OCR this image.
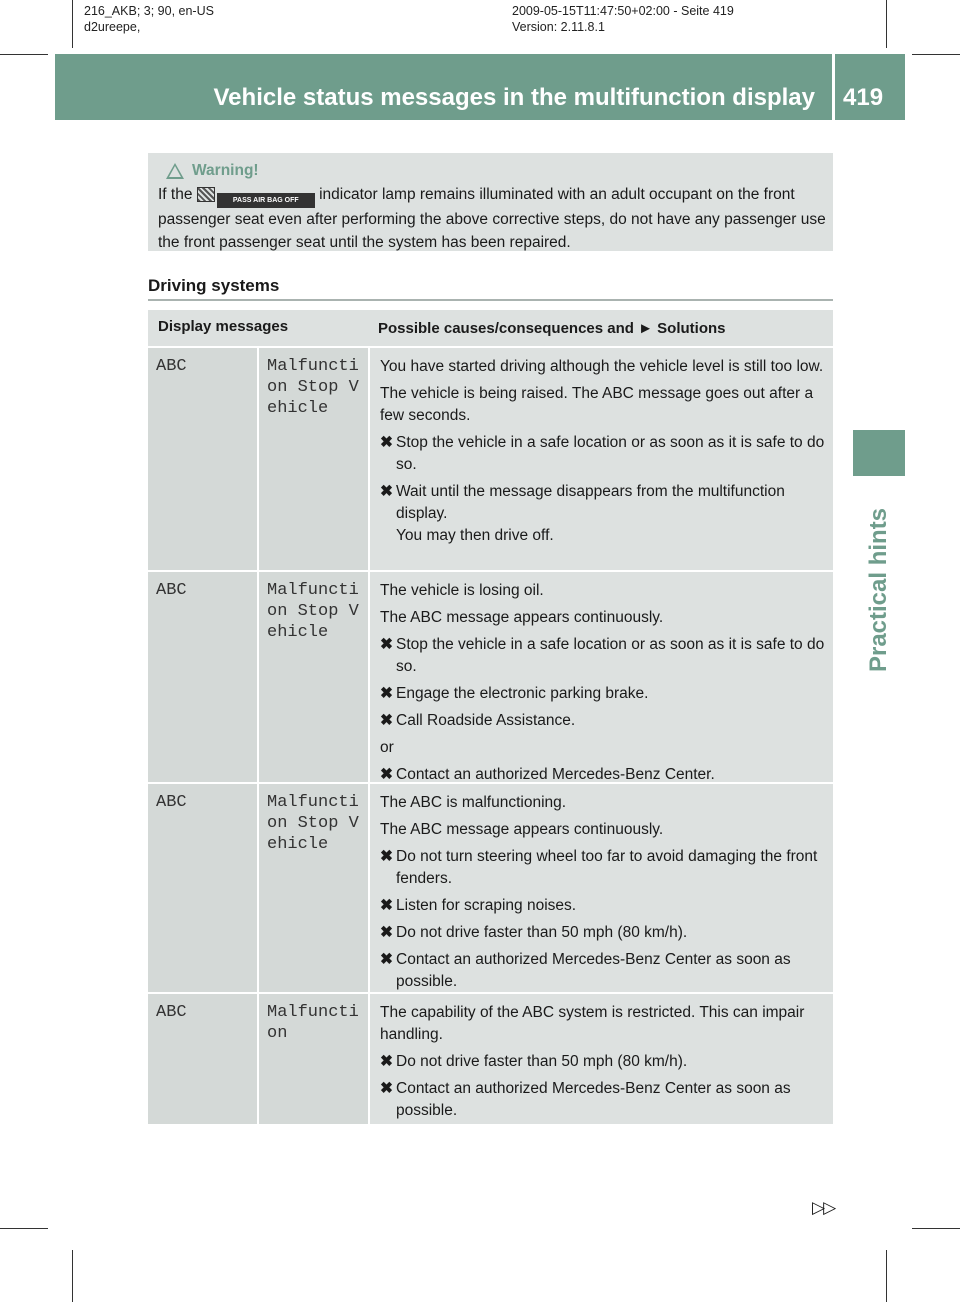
216_AKB; 3; 90, en-US
d2ureepe,
2009-05-15T11:47:50+02:00 - Seite 419
Version: 2.11.8.1
Vehicle status messages in the multifunction display 419
Practical hints
Warning!
If the	PASS AIR BAG OFF indicator lamp remains illuminated with an adult occupant on the front passenger seat even after performing the above corrective steps, do not have any passenger use the front passenger seat until the system has been repaired.
Driving systems
Display messages	Possible causes/consequences and ► Solutions
ABC	Malfunction Stop Vehicle

You have started driving although the vehicle level is still too low.

The vehicle is being raised. The ABC message goes out after a few seconds.

✖ Stop the vehicle in a safe location or as soon as it is safe to do so.
✖ Wait until the message disappears from the multifunction display.
You may then drive off.
ABC	Malfunction Stop Vehicle

The vehicle is losing oil.

The ABC message appears continuously.

✖ Stop the vehicle in a safe location or as soon as it is safe to do so.
✖ Engage the electronic parking brake.
✖ Call Roadside Assistance.

or

✖ Contact an authorized Mercedes-Benz Center.
ABC	Malfunction Stop Vehicle

The ABC is malfunctioning.

The ABC message appears continuously.

✖ Do not turn steering wheel too far to avoid damaging the front fenders.
✖ Listen for scraping noises.
✖ Do not drive faster than 50 mph (80 km/h).
✖ Contact an authorized Mercedes-Benz Center as soon as possible.
ABC	Malfunction

The capability of the ABC system is restricted. This can impair handling.

✖ Do not drive faster than 50 mph (80 km/h).
✖ Contact an authorized Mercedes-Benz Center as soon as possible.
▷▷
